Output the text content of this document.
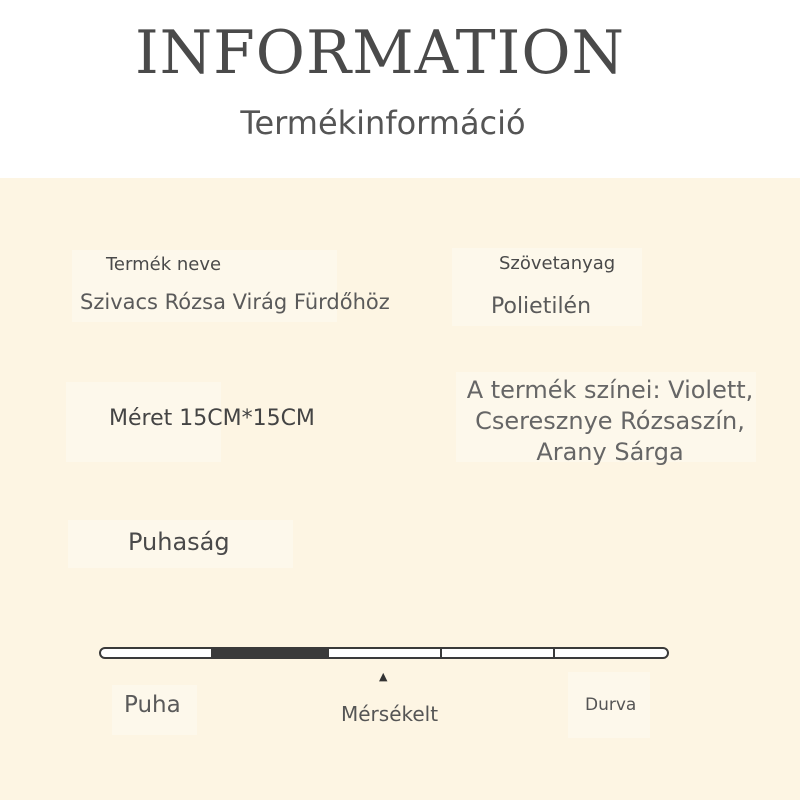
INFORMATION
Termékinformáció
Termék neve
Szivacs Rózsa Virág Fürdőhöz
Szövetanyag
Polietilén
Méret 15CM*15CM
A termék színei: Violett,
Cseresznye Rózsaszín,
Arany Sárga
Puhaság
▲
Puha	Mérsékelt	Durva
